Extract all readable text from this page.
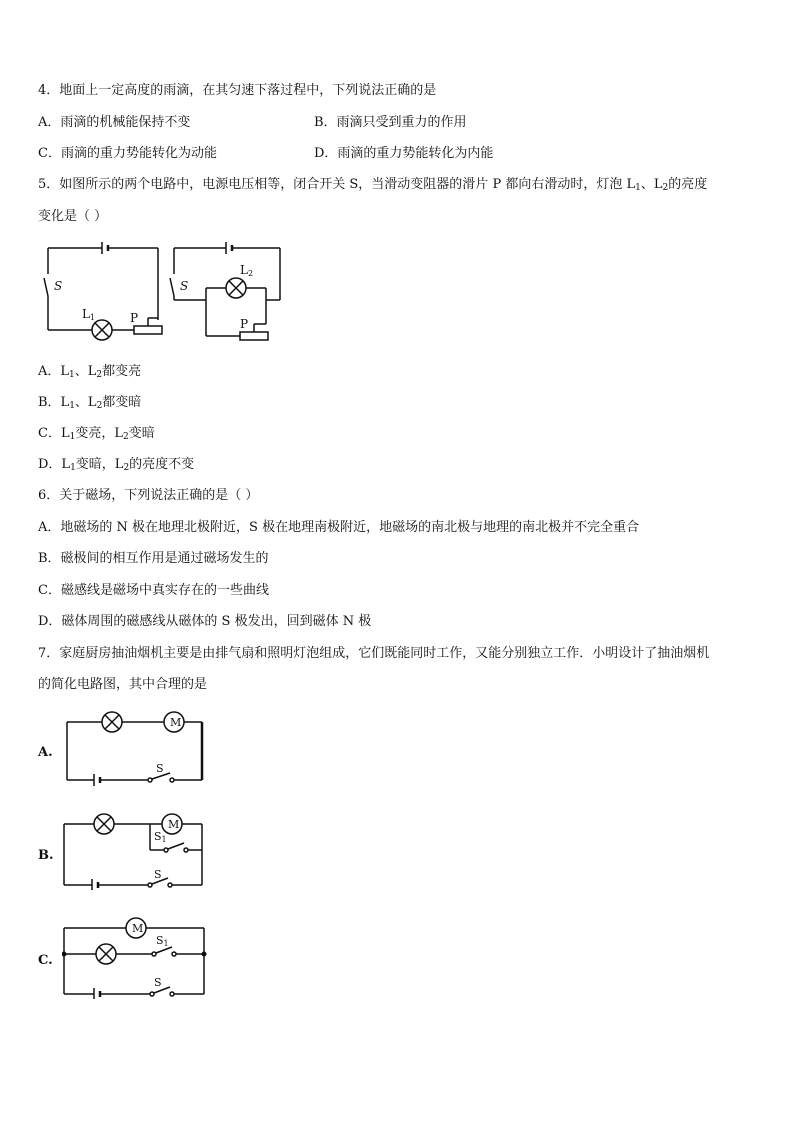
4．地面上一定高度的雨滴，在其匀速下落过程中，下列说法正确的是
A．雨滴的机械能保持不变	B．雨滴只受到重力的作用
C．雨滴的重力势能转化为动能	D．雨滴的重力势能转化为内能
5．如图所示的两个电路中，电源电压相等，闭合开关 S，当滑动变阻器的滑片 P 都向右滑动时，灯泡 $L_1$、$L_2$的亮度
变化是（ ）
S	S
L1
L2
P	P
A．$L_1$、$L_2$都变亮
B．$L_1$、$L_2$都变暗
C．$L_1$变亮，$L_2$变暗
D．$L_1$变暗，$L_2$的亮度不变
6．关于磁场，下列说法正确的是（ ）
A．地磁场的 N 极在地理北极附近，S 极在地理南极附近，地磁场的南北极与地理的南北极并不完全重合
B．磁极间的相互作用是通过磁场发生的
C．磁感线是磁场中真实存在的一些曲线
D．磁体周围的磁感线从磁体的 S 极发出，回到磁体 N 极
7．家庭厨房抽油烟机主要是由排气扇和照明灯泡组成，它们既能同时工作，又能分别独立工作．小明设计了抽油烟机
的简化电路图，其中合理的是
A.
M
S
B.
M
S1
S
C.
M
S1
S
